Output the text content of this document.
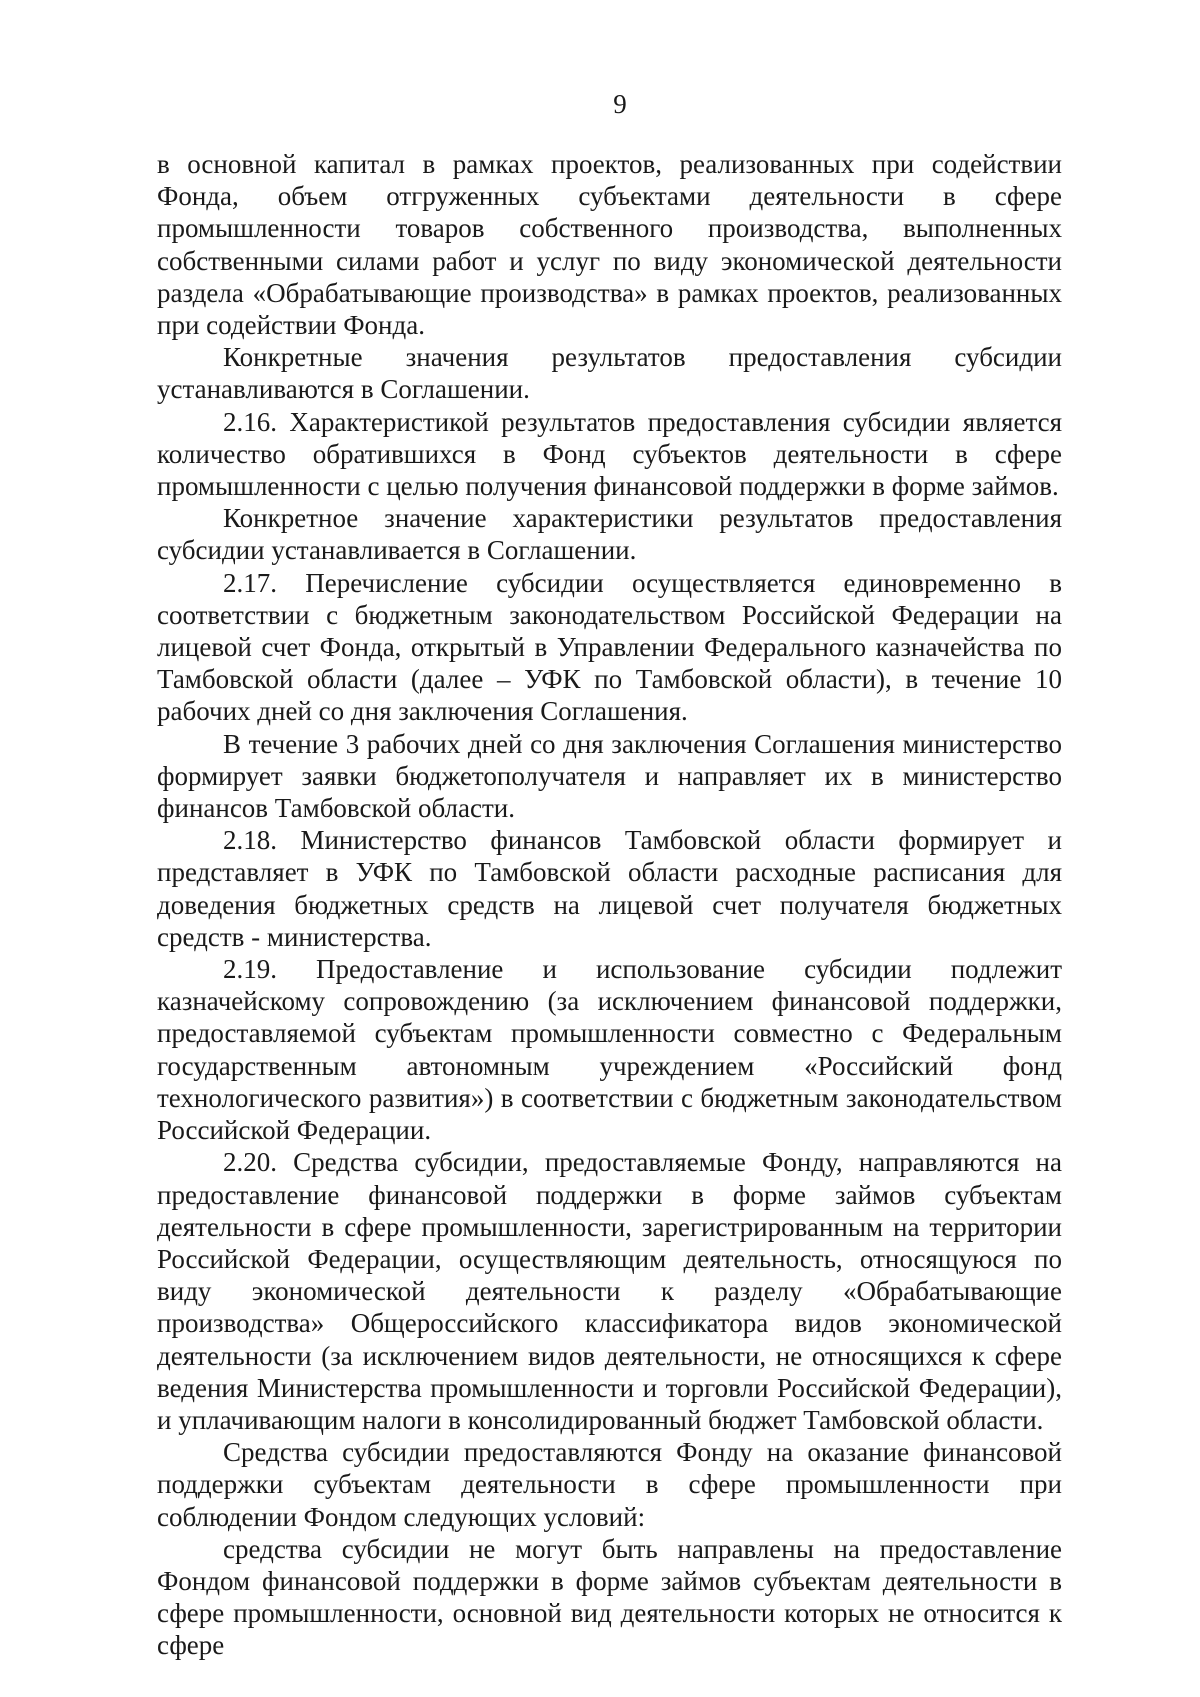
9

в основной капитал в рамках проектов, реализованных при содействии Фонда, объем отгруженных субъектами деятельности в сфере промышленности товаров собственного производства, выполненных собственными силами работ и услуг по виду экономической деятельности раздела «Обрабатывающие производства» в рамках проектов, реализованных при содействии Фонда.

Конкретные значения результатов предоставления субсидии устанавливаются в Соглашении.

2.16. Характеристикой результатов предоставления субсидии является количество обратившихся в Фонд субъектов деятельности в сфере промышленности с целью получения финансовой поддержки в форме займов.

Конкретное значение характеристики результатов предоставления субсидии устанавливается в Соглашении.

2.17. Перечисление субсидии осуществляется единовременно в соответствии с бюджетным законодательством Российской Федерации на лицевой счет Фонда, открытый в Управлении Федерального казначейства по Тамбовской области (далее – УФК по Тамбовской области), в течение 10 рабочих дней со дня заключения Соглашения.

В течение 3 рабочих дней со дня заключения Соглашения министерство формирует заявки бюджетополучателя и направляет их в министерство финансов Тамбовской области.

2.18. Министерство финансов Тамбовской области формирует и представляет в УФК по Тамбовской области расходные расписания для доведения бюджетных средств на лицевой счет получателя бюджетных средств - министерства.

2.19. Предоставление и использование субсидии подлежит казначейскому сопровождению (за исключением финансовой поддержки, предоставляемой субъектам промышленности совместно с Федеральным государственным автономным учреждением «Российский фонд технологического развития») в соответствии с бюджетным законодательством Российской Федерации.

2.20. Средства субсидии, предоставляемые Фонду, направляются на предоставление финансовой поддержки в форме займов субъектам деятельности в сфере промышленности, зарегистрированным на территории Российской Федерации, осуществляющим деятельность, относящуюся по виду экономической деятельности к разделу «Обрабатывающие производства» Общероссийского классификатора видов экономической деятельности (за исключением видов деятельности, не относящихся к сфере ведения Министерства промышленности и торговли Российской Федерации), и уплачивающим налоги в консолидированный бюджет Тамбовской области.

Средства субсидии предоставляются Фонду на оказание финансовой поддержки субъектам деятельности в сфере промышленности при соблюдении Фондом следующих условий:

средства субсидии не могут быть направлены на предоставление Фондом финансовой поддержки в форме займов субъектам деятельности в сфере промышленности, основной вид деятельности которых не относится к сфере
